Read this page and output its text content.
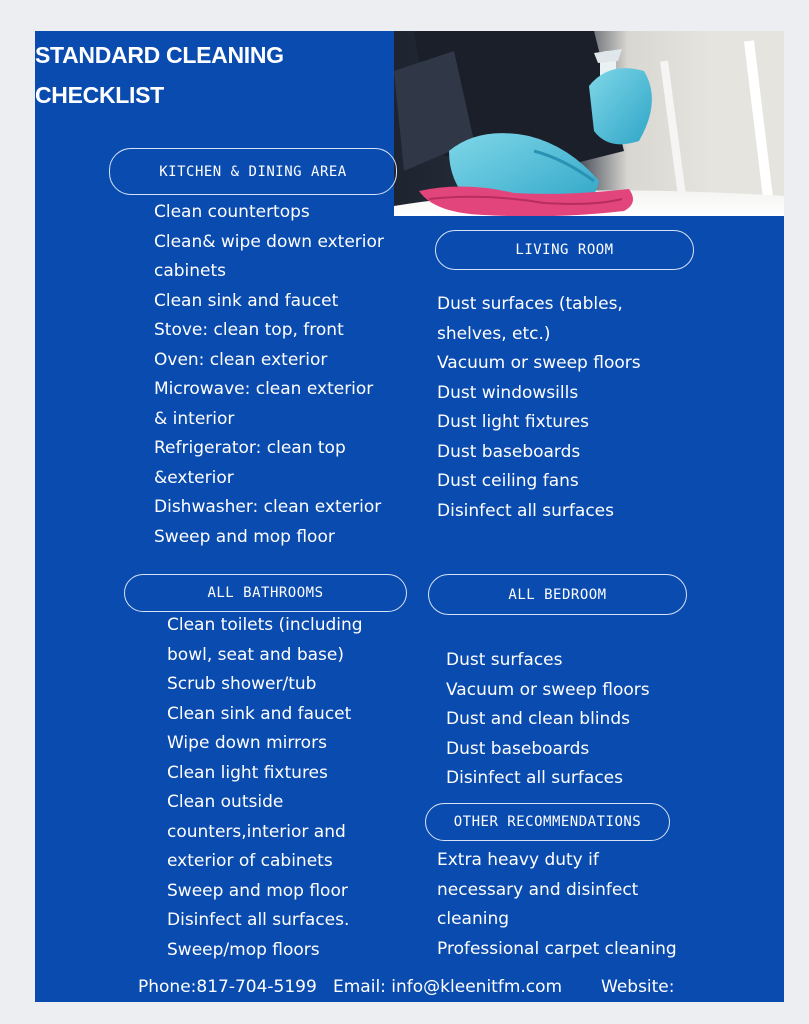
STANDARD CLEANING
CHECKLIST
KITCHEN & DINING AREA
Clean countertops
Clean& wipe down exterior
cabinets
Clean sink and faucet
Stove: clean top, front
Oven: clean exterior
Microwave: clean exterior
& interior
Refrigerator: clean top
&exterior
Dishwasher: clean exterior
Sweep and mop floor
LIVING ROOM
Dust surfaces (tables,
shelves, etc.)
Vacuum or sweep floors
Dust windowsills
Dust light fixtures
Dust baseboards
Dust ceiling fans
Disinfect all surfaces
ALL BATHROOMS
Clean toilets (including
bowl, seat and base)
Scrub shower/tub
Clean sink and faucet
Wipe down mirrors
Clean light fixtures
Clean outside
counters,interior and
exterior of cabinets
Sweep and mop floor
Disinfect all surfaces.
Sweep/mop floors
ALL BEDROOM
Dust surfaces
Vacuum or sweep floors
Dust and clean blinds
Dust baseboards
Disinfect all surfaces
OTHER RECOMMENDATIONS
Extra heavy duty if
necessary and disinfect
cleaning
Professional carpet cleaning
Phone:817-704-5199 Email: info@kleenitfm.com Website:
